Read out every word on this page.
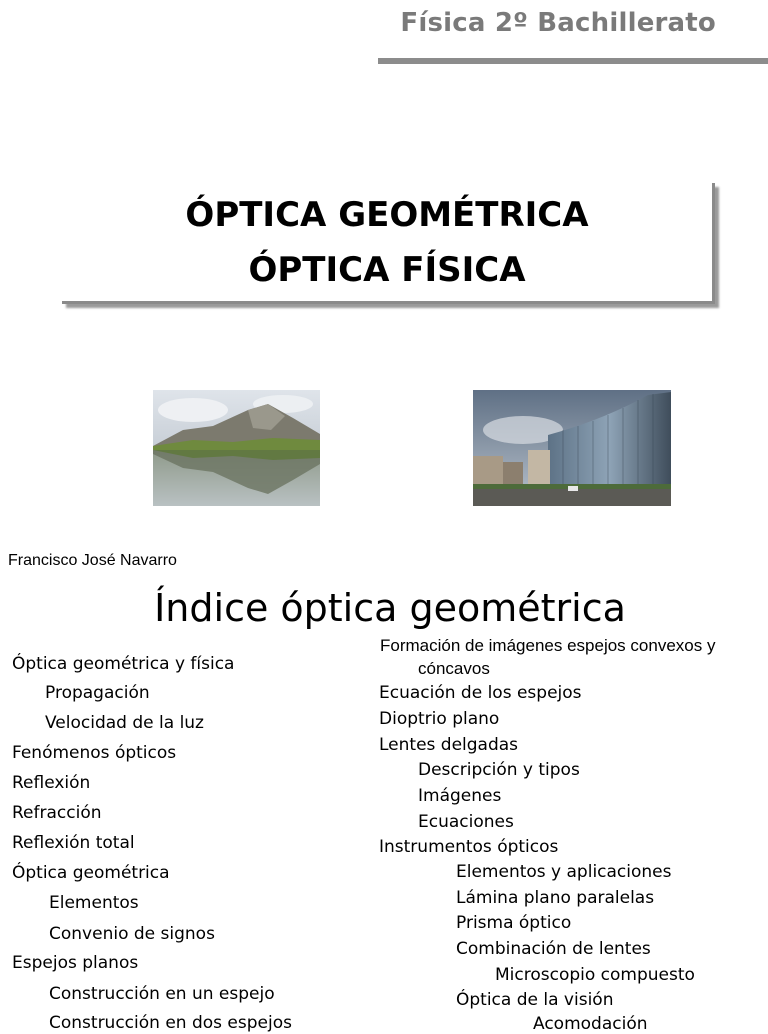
Física 2º Bachillerato
ÓPTICA GEOMÉTRICA
ÓPTICA FÍSICA
Francisco José Navarro
Índice óptica geométrica
Óptica geométrica y física
Propagación
Velocidad de la luz
Fenómenos ópticos
Reflexión
Refracción
Reflexión total
Óptica geométrica
Elementos
Convenio de signos
Espejos planos
Construcción en un espejo
Construcción en dos espejos
Formación de imágenes espejos convexos y
cóncavos
Ecuación de los espejos
Dioptrio plano
Lentes delgadas
Descripción y tipos
Imágenes
Ecuaciones
Instrumentos ópticos
Elementos y aplicaciones
Lámina plano paralelas
Prisma óptico
Combinación de lentes
Microscopio compuesto
Óptica de la visión
Acomodación
